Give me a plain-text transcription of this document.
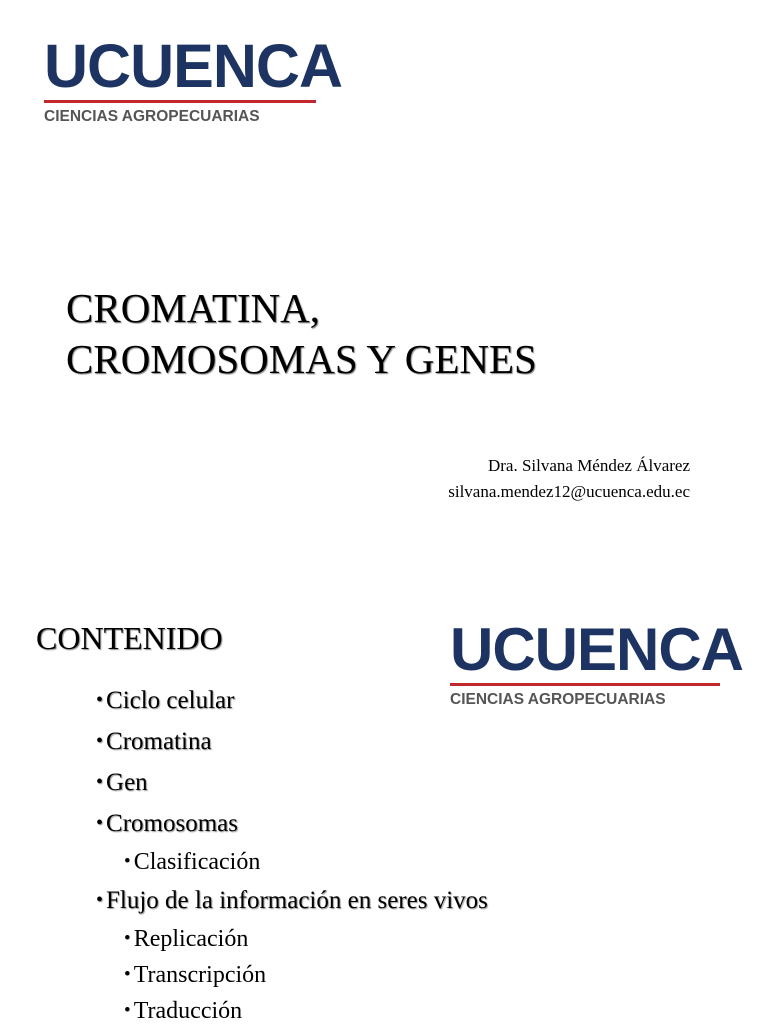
UCUENCA
CIENCIAS AGROPECUARIAS
CROMATINA,
CROMOSOMAS Y GENES
Dra. Silvana Méndez Álvarez
silvana.mendez12@ucuenca.edu.ec
CONTENIDO	UCUENCA
CIENCIAS AGROPECUARIAS
• Ciclo celular
• Cromatina
• Gen
• Cromosomas
• Clasificación
• Flujo de la información en seres vivos
• Replicación
• Transcripción
• Traducción
